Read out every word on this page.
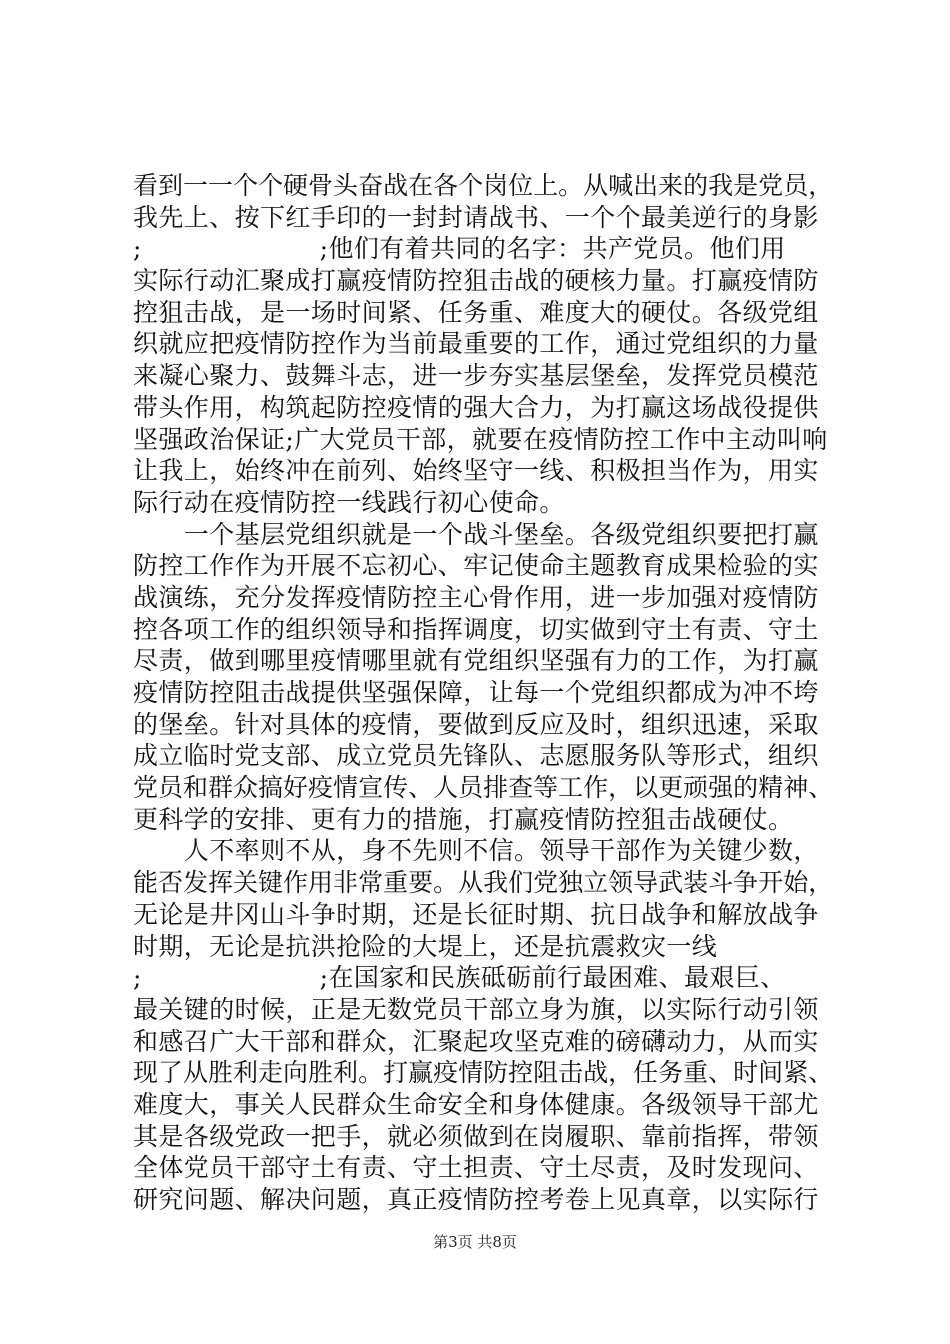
看到一一个个硬骨头奋战在各个岗位上。从喊出来的我是党员，
我先上、按下红手印的一封封请战书、一个个最美逆行的身影
;　　　　　　　;他们有着共同的名字：共产党员。他们用
实际行动汇聚成打赢疫情防控狙击战的硬核力量。打赢疫情防
控狙击战，是一场时间紧、任务重、难度大的硬仗。各级党组
织就应把疫情防控作为当前最重要的工作，通过党组织的力量
来凝心聚力、鼓舞斗志，进一步夯实基层堡垒，发挥党员模范
带头作用，构筑起防控疫情的强大合力，为打赢这场战役提供
坚强政治保证;广大党员干部，就要在疫情防控工作中主动叫响
让我上，始终冲在前列、始终坚守一线、积极担当作为，用实
际行动在疫情防控一线践行初心使命。
　　一个基层党组织就是一个战斗堡垒。各级党组织要把打赢
防控工作作为开展不忘初心、牢记使命主题教育成果检验的实
战演练，充分发挥疫情防控主心骨作用，进一步加强对疫情防
控各项工作的组织领导和指挥调度，切实做到守土有责、守土
尽责，做到哪里疫情哪里就有党组织坚强有力的工作，为打赢
疫情防控阻击战提供坚强保障，让每一个党组织都成为冲不垮
的堡垒。针对具体的疫情，要做到反应及时，组织迅速，采取
成立临时党支部、成立党员先锋队、志愿服务队等形式，组织
党员和群众搞好疫情宣传、人员排查等工作，以更顽强的精神、
更科学的安排、更有力的措施，打赢疫情防控狙击战硬仗。
　　人不率则不从，身不先则不信。领导干部作为关键少数，
能否发挥关键作用非常重要。从我们党独立领导武装斗争开始，
无论是井冈山斗争时期，还是长征时期、抗日战争和解放战争
时期，无论是抗洪抢险的大堤上，还是抗震救灾一线
;　　　　　　　;在国家和民族砥砺前行最困难、最艰巨、
最关键的时候，正是无数党员干部立身为旗，以实际行动引领
和感召广大干部和群众，汇聚起攻坚克难的磅礴动力，从而实
现了从胜利走向胜利。打赢疫情防控阻击战，任务重、时间紧、
难度大，事关人民群众生命安全和身体健康。各级领导干部尤
其是各级党政一把手，就必须做到在岗履职、靠前指挥，带领
全体党员干部守土有责、守土担责、守土尽责，及时发现问、
研究问题、解决问题，真正疫情防控考卷上见真章，以实际行
第3页 共8页
